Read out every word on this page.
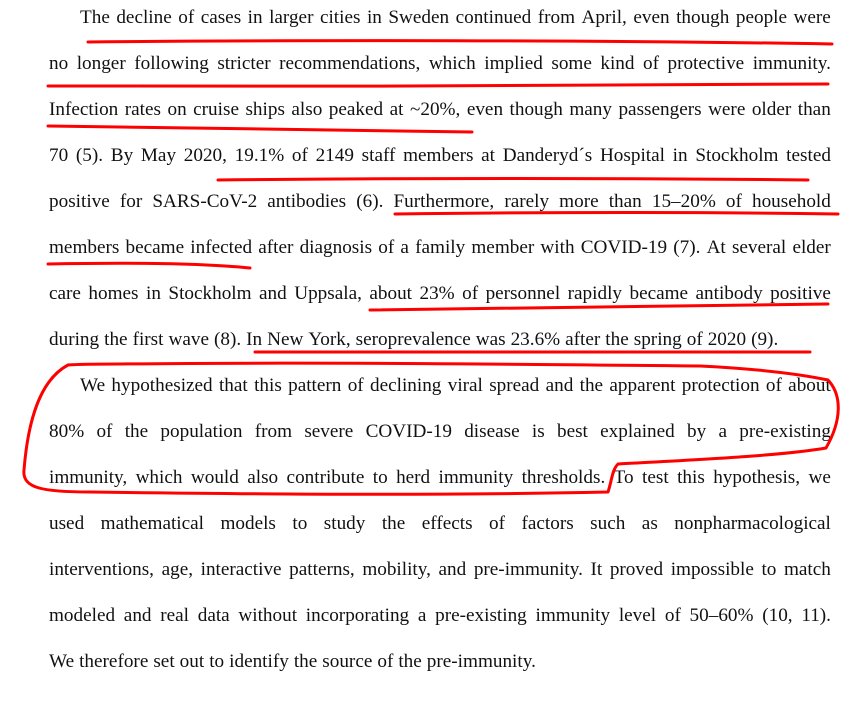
The decline of cases in larger cities in Sweden continued from April, even though people were
no longer following stricter recommendations, which implied some kind of protective immunity.
Infection rates on cruise ships also peaked at ~20%, even though many passengers were older than
70 (5). By May 2020, 19.1% of 2149 staff members at Danderyd´s Hospital in Stockholm tested
positive for SARS-CoV-2 antibodies (6). Furthermore, rarely more than 15–20% of household
members became infected after diagnosis of a family member with COVID-19 (7). At several elder
care homes in Stockholm and Uppsala, about 23% of personnel rapidly became antibody positive
during the first wave (8). In New York, seroprevalence was 23.6% after the spring of 2020 (9).
We hypothesized that this pattern of declining viral spread and the apparent protection of about
80% of the population from severe COVID-19 disease is best explained by a pre-existing
immunity, which would also contribute to herd immunity thresholds. To test this hypothesis, we
used mathematical models to study the effects of factors such as nonpharmacological
interventions, age, interactive patterns, mobility, and pre-immunity. It proved impossible to match
modeled and real data without incorporating a pre-existing immunity level of 50–60% (10, 11).
We therefore set out to identify the source of the pre-immunity.
